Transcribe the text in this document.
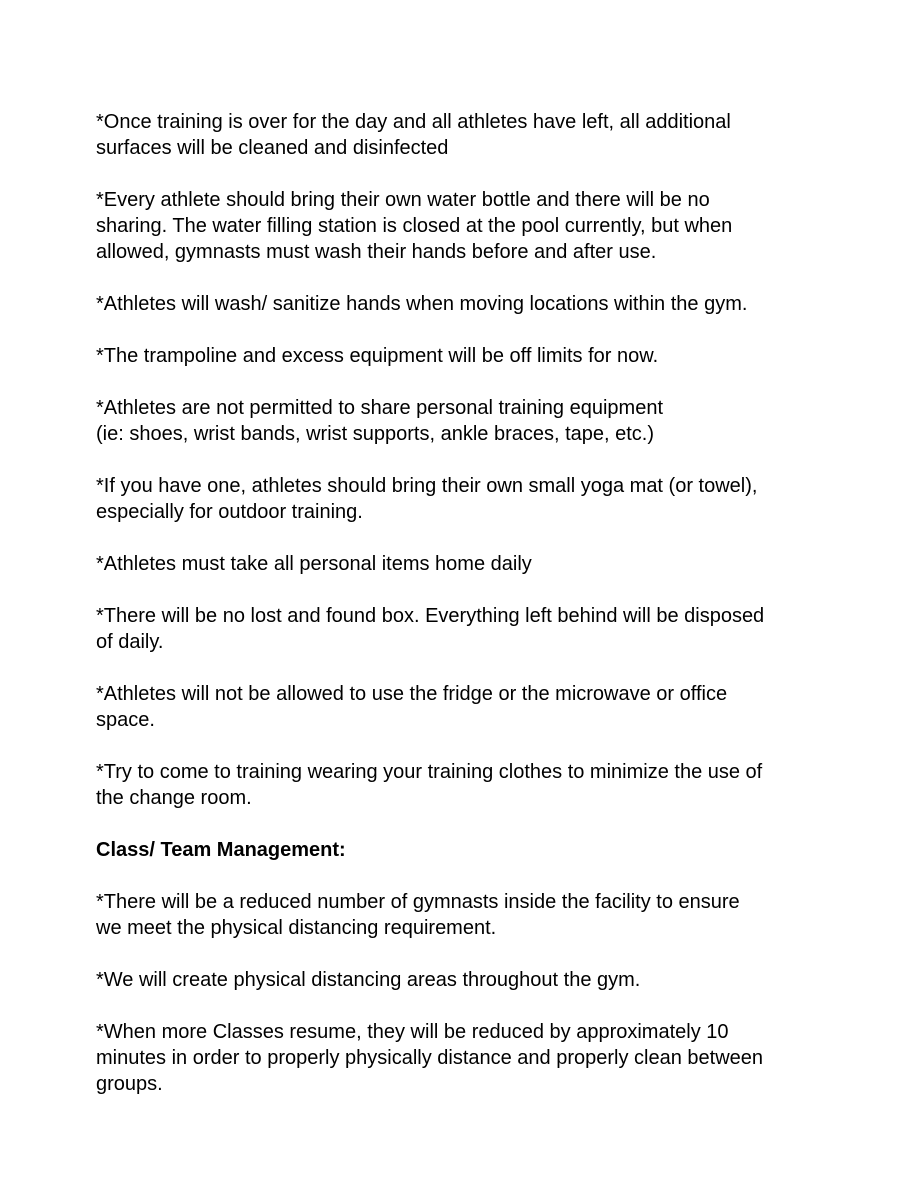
*Once training is over for the day and all athletes have left, all additional
surfaces will be cleaned and disinfected

*Every athlete should bring their own water bottle and there will be no
sharing. The water filling station is closed at the pool currently, but when
allowed, gymnasts must wash their hands before and after use.

*Athletes will wash/ sanitize hands when moving locations within the gym.

*The trampoline and excess equipment will be off limits for now.

*Athletes are not permitted to share personal training equipment
(ie: shoes, wrist bands, wrist supports, ankle braces, tape, etc.)

*If you have one, athletes should bring their own small yoga mat (or towel),
especially for outdoor training.

*Athletes must take all personal items home daily

*There will be no lost and found box. Everything left behind will be disposed
of daily.

*Athletes will not be allowed to use the fridge or the microwave or office
space.

*Try to come to training wearing your training clothes to minimize the use of
the change room.

Class/ Team Management:

*There will be a reduced number of gymnasts inside the facility to ensure
we meet the physical distancing requirement.

*We will create physical distancing areas throughout the gym.

*When more Classes resume, they will be reduced by approximately 10
minutes in order to properly physically distance and properly clean between
groups.
